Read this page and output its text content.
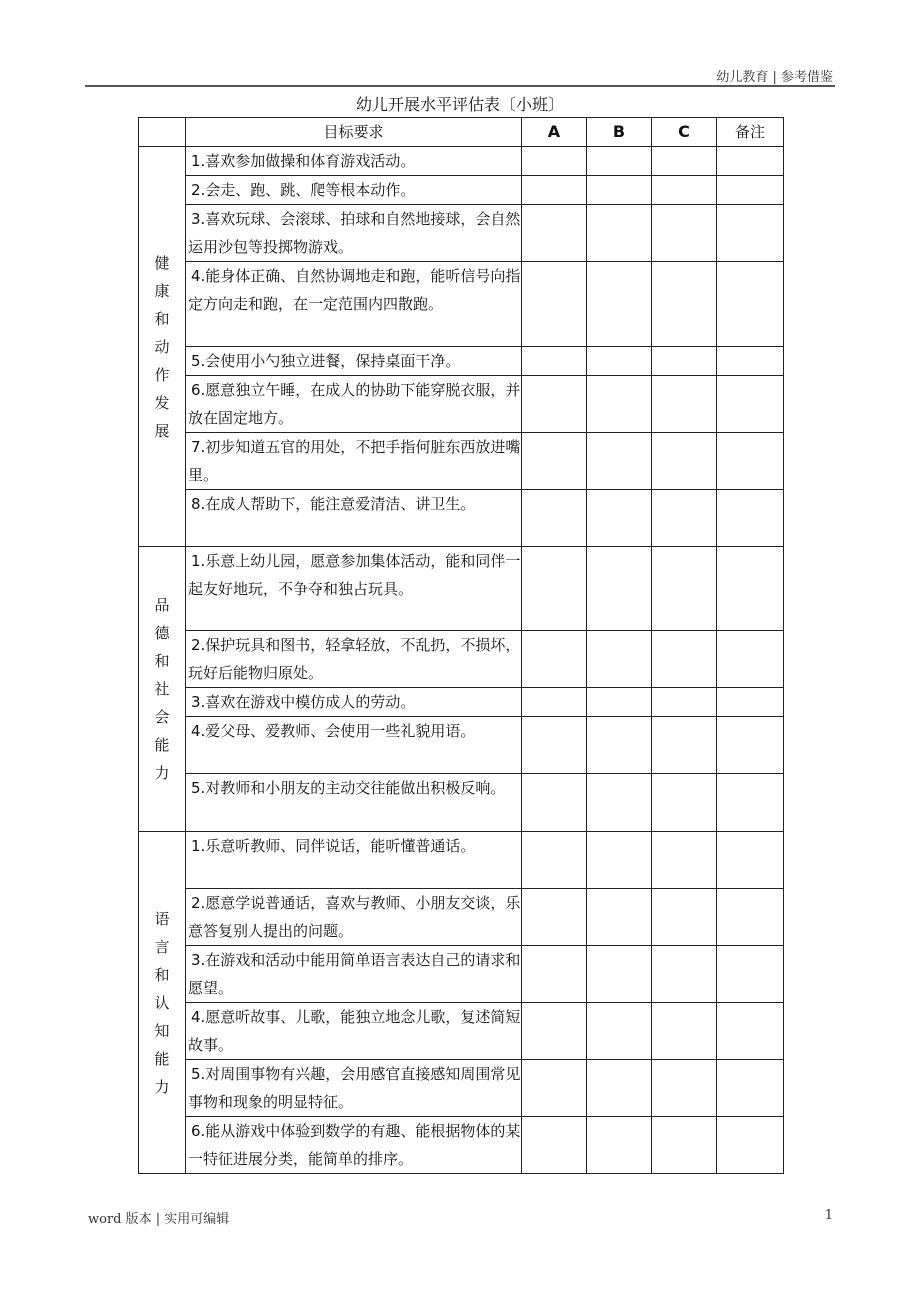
幼儿教育 | 参考借鉴
幼儿开展水平评估表〔小班〕
	目标要求	A	B	C	备注

健康和动作发展	1.喜欢参加做操和体育游戏活动。				

	2.会走、跑、跳、爬等根本动作。				

	3.喜欢玩球、会滚球、拍球和自然地接球，会自然运用沙包等投掷物游戏。				

	4.能身体正确、自然协调地走和跑，能听信号向指定方向走和跑，在一定范围内四散跑。				

	5.会使用小勺独立进餐，保持桌面干净。				

	6.愿意独立午睡，在成人的协助下能穿脱衣服，并放在固定地方。				

	7.初步知道五官的用处，不把手指何脏东西放进嘴里。				

	8.在成人帮助下，能注意爱清洁、讲卫生。				

品德和社会能力	1.乐意上幼儿园，愿意参加集体活动，能和同伴一起友好地玩，不争夺和独占玩具。				

	2.保护玩具和图书，轻拿轻放，不乱扔，不损坏，玩好后能物归原处。				

	3.喜欢在游戏中模仿成人的劳动。				

	4.爱父母、爱教师、会使用一些礼貌用语。				

	5.对教师和小朋友的主动交往能做出积极反响。				

语言和认知能力	1.乐意听教师、同伴说话，能听懂普通话。				

	2.愿意学说普通话，喜欢与教师、小朋友交谈，乐意答复别人提出的问题。				

	3.在游戏和活动中能用简单语言表达自己的请求和愿望。				

	4.愿意听故事、儿歌，能独立地念儿歌，复述简短故事。				

	5.对周围事物有兴趣，会用感官直接感知周围常见事物和现象的明显特征。				

	6.能从游戏中体验到数学的有趣、能根据物体的某一特征进展分类，能简单的排序。				

word 版本 | 实用可编辑	1
